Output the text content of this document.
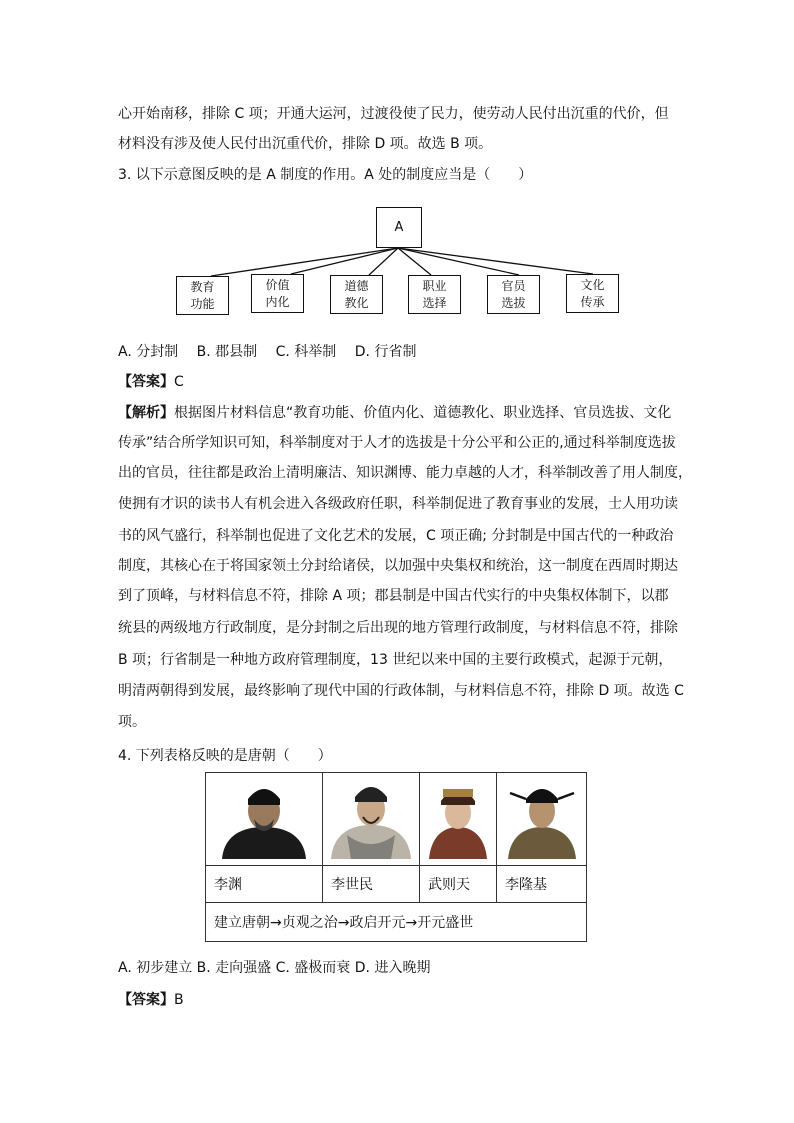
心开始南移，排除 C 项；开通大运河，过渡役使了民力，使劳动人民付出沉重的代价，但
材料没有涉及使人民付出沉重代价，排除 D 项。故选 B 项。
3. 以下示意图反映的是 A 制度的作用。A 处的制度应当是（　　）
A
教育
功能
价值
内化
道德
教化
职业
选择
官员
选拔
文化
传承
A. 分封制　 B. 郡县制　 C. 科举制　 D. 行省制
【答案】C
【解析】根据图片材料信息“教育功能、价值内化、道德教化、职业选择、官员选拔、文化
传承”结合所学知识可知，科举制度对于人才的选拔是十分公平和公正的,通过科举制度选拔
出的官员，往往都是政治上清明廉洁、知识渊博、能力卓越的人才，科举制改善了用人制度，
使拥有才识的读书人有机会进入各级政府任职，科举制促进了教育事业的发展，士人用功读
书的风气盛行，科举制也促进了文化艺术的发展，C 项正确; 分封制是中国古代的一种政治
制度，其核心在于将国家领土分封给诸侯，以加强中央集权和统治，这一制度在西周时期达
到了顶峰，与材料信息不符，排除 A 项；郡县制是中国古代实行的中央集权体制下，以郡
统县的两级地方行政制度，是分封制之后出现的地方管理行政制度，与材料信息不符，排除
B 项；行省制是一种地方政府管理制度，13 世纪以来中国的主要行政模式，起源于元朝，
明清两朝得到发展，最终影响了现代中国的行政体制，与材料信息不符，排除 D 项。故选 C
项。
4. 下列表格反映的是唐朝（　　）

李渊	李世民	武则天	李隆基
建立唐朝→贞观之治→政启开元→开元盛世			
A. 初步建立 B. 走向强盛 C. 盛极而衰 D. 进入晚期
【答案】B
